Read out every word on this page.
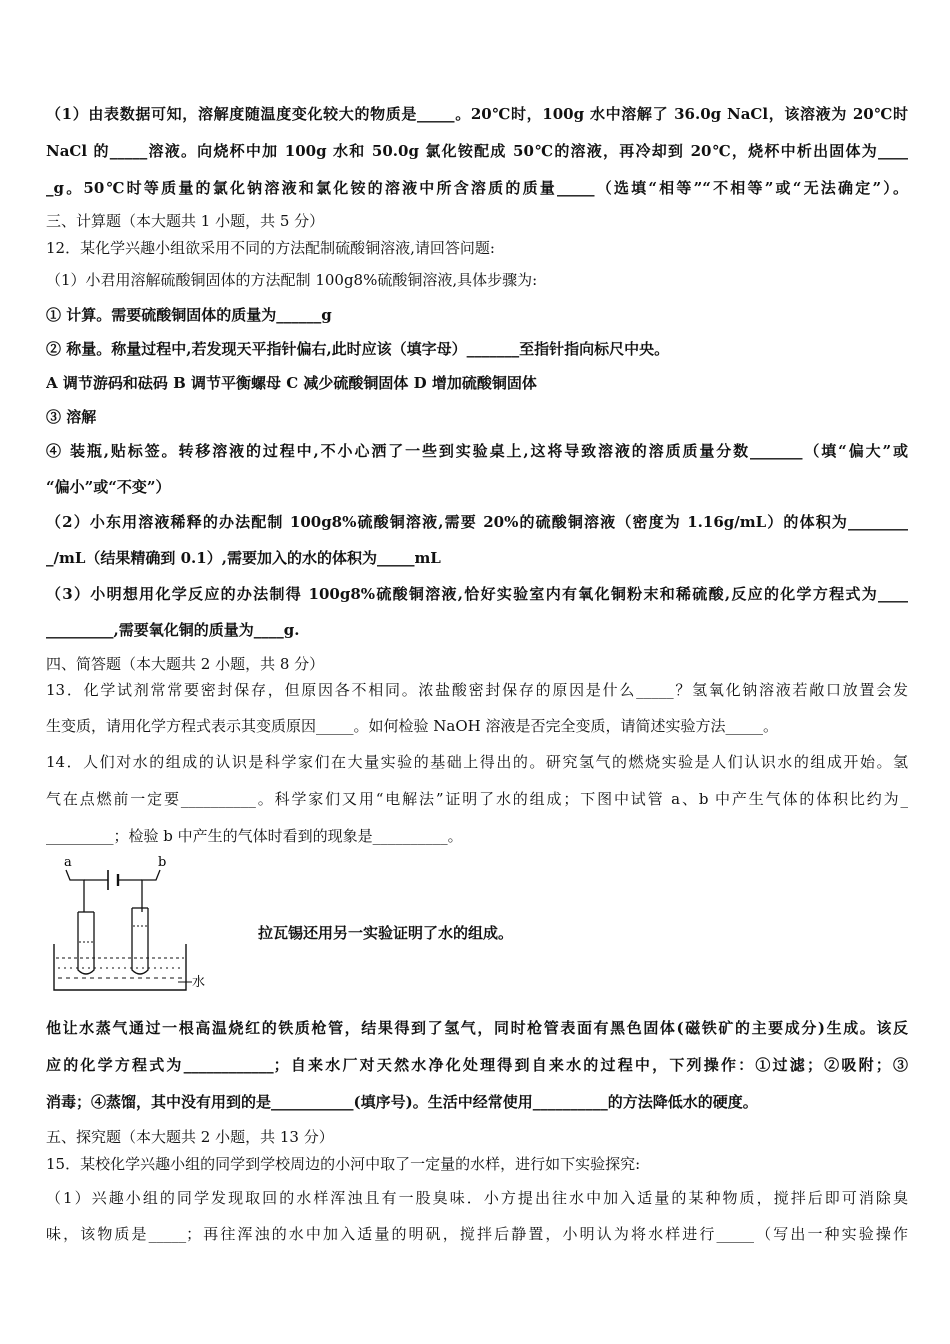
（1）由表数据可知，溶解度随温度变化较大的物质是_____。20℃时，100g 水中溶解了 36.0g NaCl，该溶液为 20℃时
NaCl 的_____溶液。向烧杯中加 100g 水和 50.0g 氯化铵配成 50℃的溶液，再冷却到 20℃，烧杯中析出固体为____
_g。50℃时等质量的氯化钠溶液和氯化铵的溶液中所含溶质的质量_____（选填“相等”“不相等”或“无法确定”）。
三、计算题（本大题共 1 小题，共 5 分）
12．某化学兴趣小组欲采用不同的方法配制硫酸铜溶液,请回答问题:
（1）小君用溶解硫酸铜固体的方法配制 100g8%硫酸铜溶液,具体步骤为:
① 计算。需要硫酸铜固体的质量为______g
② 称量。称量过程中,若发现天平指针偏右,此时应该（填字母）_______至指针指向标尺中央。
A 调节游码和砝码 B 调节平衡螺母 C 减少硫酸铜固体 D 增加硫酸铜固体
③ 溶解
④ 装瓶,贴标签。转移溶液的过程中,不小心洒了一些到实验桌上,这将导致溶液的溶质质量分数_______（填“偏大”或
“偏小”或“不变”）
（2）小东用溶液稀释的办法配制 100g8%硫酸铜溶液,需要 20%的硫酸铜溶液（密度为 1.16g/mL）的体积为________
_/mL（结果精确到 0.1）,需要加入的水的体积为_____mL
（3）小明想用化学反应的办法制得 100g8%硫酸铜溶液,恰好实验室内有氧化铜粉末和稀硫酸,反应的化学方程式为____
_________,需要氧化铜的质量为____g.
四、简答题（本大题共 2 小题，共 8 分）
13．化学试剂常常要密封保存，但原因各不相同。浓盐酸密封保存的原因是什么_____？氢氧化钠溶液若敞口放置会发
生变质，请用化学方程式表示其变质原因_____。如何检验 NaOH 溶液是否完全变质，请简述实验方法_____。
14．人们对水的组成的认识是科学家们在大量实验的基础上得出的。研究氢气的燃烧实验是人们认识水的组成开始。氢
气在点燃前一定要__________。科学家们又用“电解法”证明了水的组成；下图中试管 a、b 中产生气体的体积比约为_
_________；检验 b 中产生的气体时看到的现象是__________。
a	b
水
拉瓦锡还用另一实验证明了水的组成。
他让水蒸气通过一根高温烧红的铁质枪管，结果得到了氢气，同时枪管表面有黑色固体(磁铁矿的主要成分)生成。该反
应的化学方程式为____________；自来水厂对天然水净化处理得到自来水的过程中，下列操作：①过滤；②吸附；③
消毒；④蒸馏，其中没有用到的是___________(填序号)。生活中经常使用__________的方法降低水的硬度。
五、探究题（本大题共 2 小题，共 13 分）
15．某校化学兴趣小组的同学到学校周边的小河中取了一定量的水样，进行如下实验探究:
（1）兴趣小组的同学发现取回的水样浑浊且有一股臭味．小方提出往水中加入适量的某种物质，搅拌后即可消除臭
味，该物质是_____；再往浑浊的水中加入适量的明矾，搅拌后静置，小明认为将水样进行_____（写出一种实验操作
